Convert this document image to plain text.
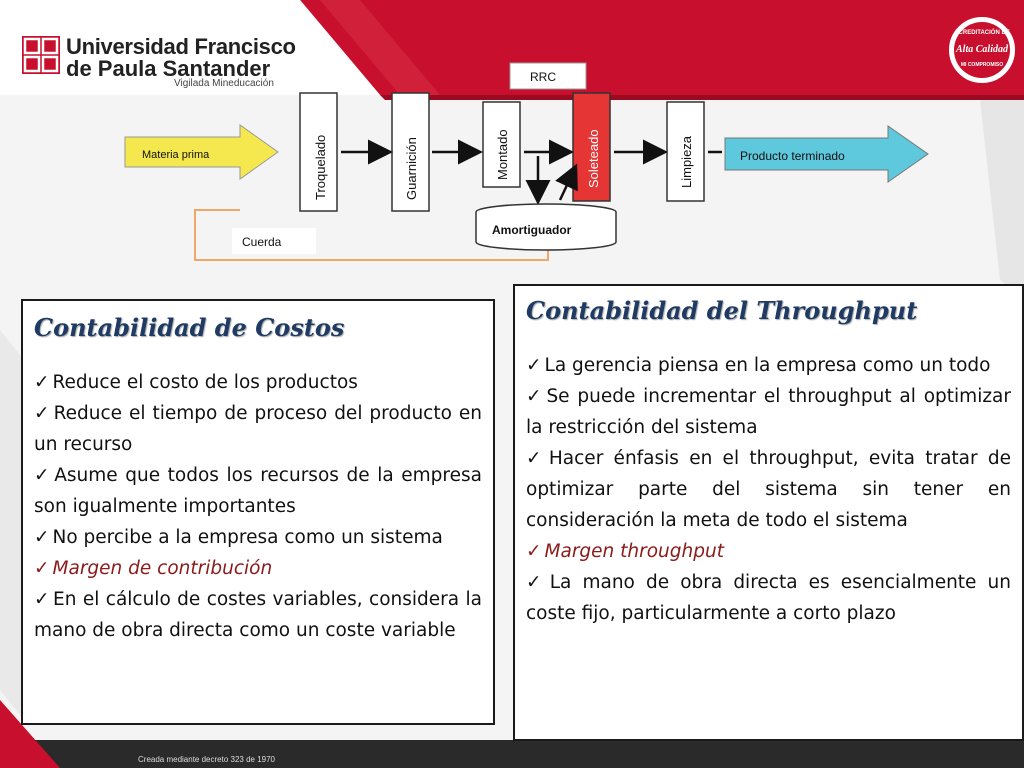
Universidad Francisco
de Paula Santander
Vigilada Mineducación
ACREDITACIÓN DE
Alta Calidad
MI COMPROMISO
Cuerda
RRC
Materia prima	Troquelado	Guarnición	Montado	Soleteado	Limpieza
Amortiguador
Producto terminado
Contabilidad de Costos
✓ Reduce el costo de los productos
✓ Reduce el tiempo de proceso del producto en un recurso
✓ Asume que todos los recursos de la empresa son igualmente importantes
✓ No percibe a la empresa como un sistema
✓ Margen de contribución
✓ En el cálculo de costes variables, considera la mano de obra directa como un coste variable
Contabilidad del Throughput
✓ La gerencia piensa en la empresa como un todo
✓ Se puede incrementar el throughput al optimizar la restricción del sistema
✓ Hacer énfasis en el throughput, evita tratar de optimizar parte del sistema sin tener en consideración la meta de todo el sistema
✓ Margen throughput
✓ La mano de obra directa es esencialmente un coste fijo, particularmente a corto plazo
Creada mediante decreto 323 de 1970
